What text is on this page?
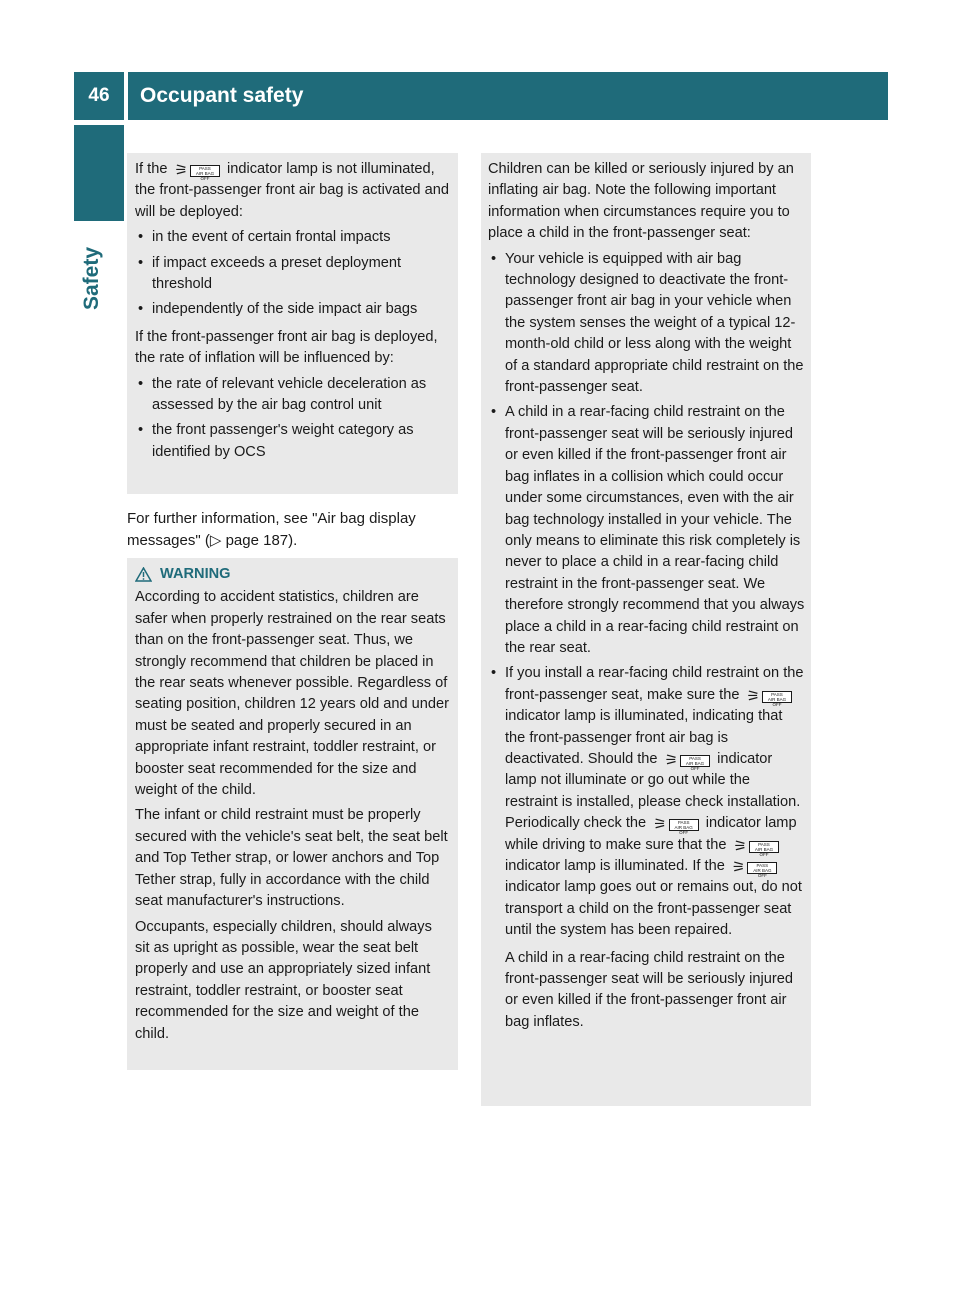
46	Occupant safety
Safety

If the ⚞	PASS
AIR BAG OFF
indicator lamp is not illuminated, the front-passenger front air bag is activated and will be deployed:

• in the event of certain frontal impacts
• if impact exceeds a preset deployment threshold
• independently of the side impact air bags

If the front-passenger front air bag is deployed, the rate of inflation will be influenced by:

• the rate of relevant vehicle deceleration as assessed by the air bag control unit
• the front passenger's weight category as identified by OCS
For further information, see "Air bag display messages" (▷ page 187).
WARNING

According to accident statistics, children are safer when properly restrained on the rear seats than on the front-passenger seat. Thus, we strongly recommend that children be placed in the rear seats whenever possible. Regardless of seating position, children 12 years old and under must be seated and properly secured in an appropriate infant restraint, toddler restraint, or booster seat recommended for the size and weight of the child.

The infant or child restraint must be properly secured with the vehicle's seat belt, the seat belt and Top Tether strap, or lower anchors and Top Tether strap, fully in accordance with the child seat manufacturer's instructions.

Occupants, especially children, should always sit as upright as possible, wear the seat belt properly and use an appropriately sized infant restraint, toddler restraint, or booster seat recommended for the size and weight of the child.

Children can be killed or seriously injured by an inflating air bag. Note the following important information when circumstances require you to place a child in the front-passenger seat:

• Your vehicle is equipped with air bag technology designed to deactivate the front-passenger front air bag in your vehicle when the system senses the weight of a typical 12-month-old child or less along with the weight of a standard appropriate child restraint on the front-passenger seat.
• A child in a rear-facing child restraint on the front-passenger seat will be seriously injured or even killed if the front-passenger front air bag inflates in a collision which could occur under some circumstances, even with the air bag technology installed in your vehicle. The only means to eliminate this risk completely is never to place a child in a rear-facing child restraint in the front-passenger seat. We therefore strongly recommend that you always place a child in a rear-facing child restraint on the rear seat.
• If you install a rear-facing child restraint on the front-passenger seat, make sure the ⚞	PASS
AIR BAG OFF
indicator lamp is illuminated, indicating that the front-passenger front air bag is deactivated. Should the ⚞	PASS
AIR BAG OFF
indicator lamp not illuminate or go out while the restraint is installed, please check installation. Periodically check the ⚞	PASS
AIR BAG OFF
indicator lamp while driving to make sure that the ⚞	PASS
AIR BAG OFF
indicator lamp is illuminated. If the ⚞	PASS
AIR BAG OFF
indicator lamp goes out or remains out, do not transport a child on the front-passenger seat until the system has been repaired.

A child in a rear-facing child restraint on the front-passenger seat will be seriously injured or even killed if the front-passenger front air bag inflates.
